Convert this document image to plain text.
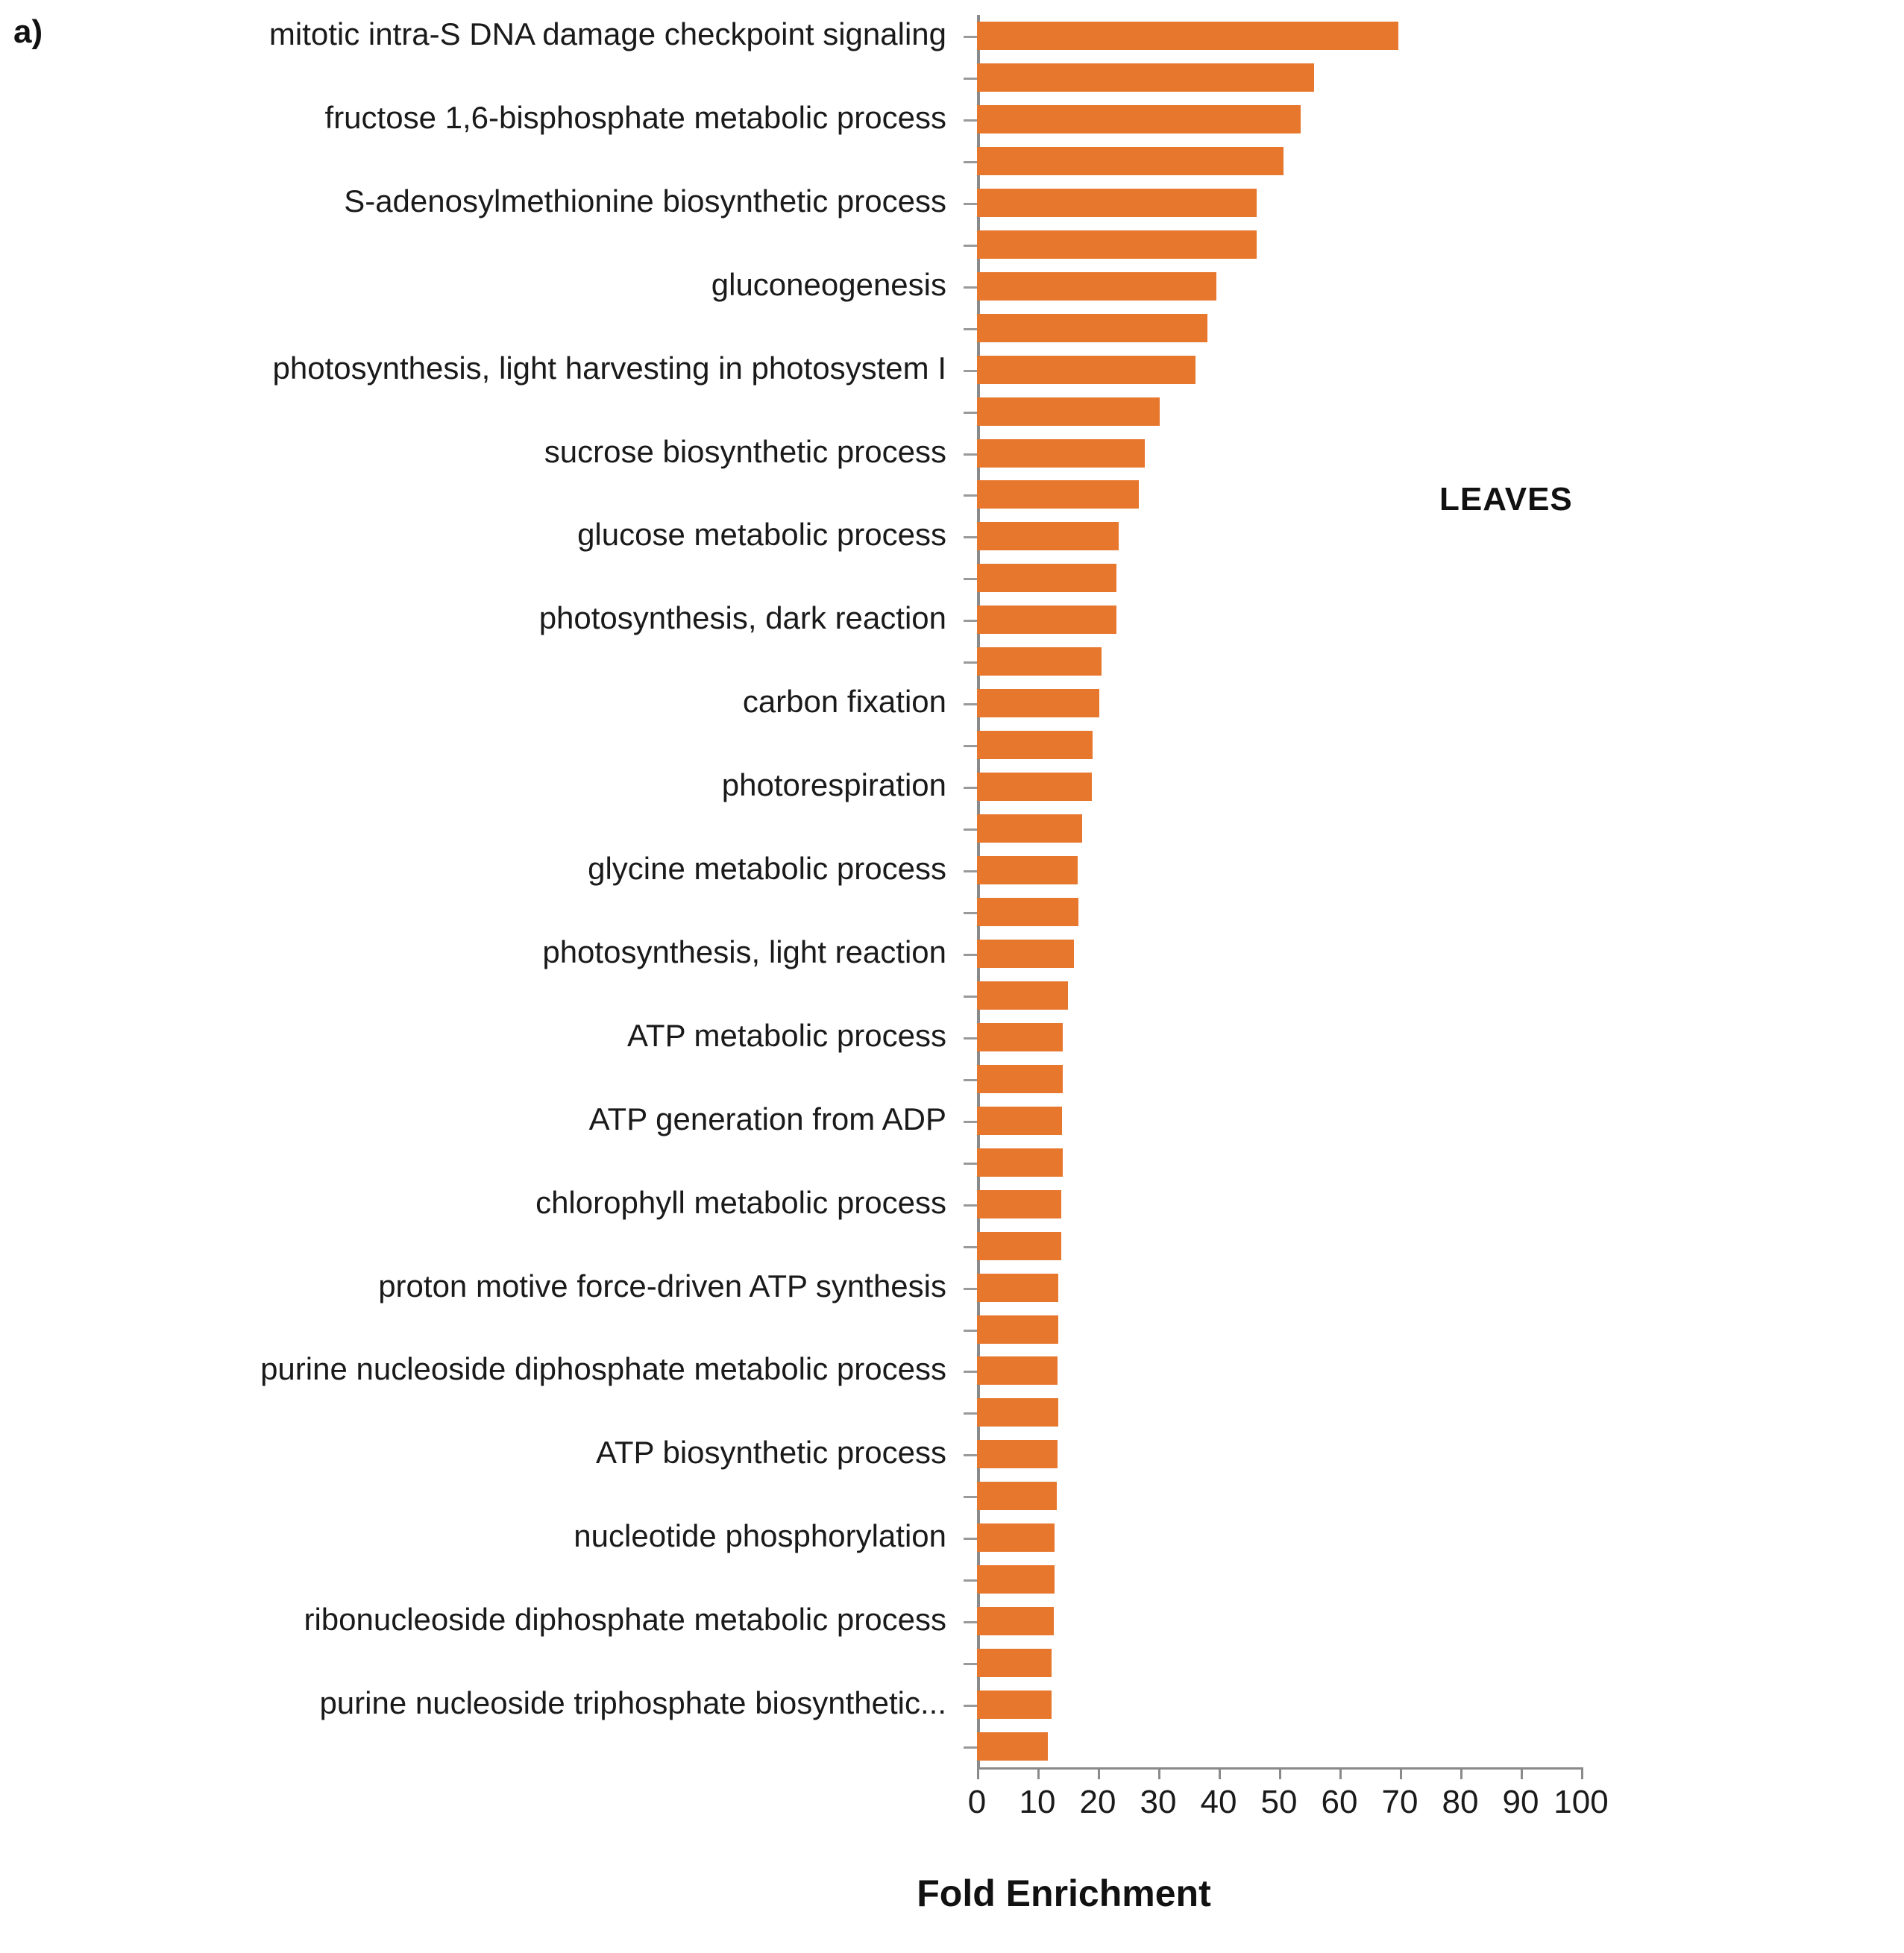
a)	mitotic intra-S DNA damage checkpoint signaling
fructose 1,6-bisphosphate metabolic process
S-adenosylmethionine biosynthetic process
gluconeogenesis
photosynthesis, light harvesting in photosystem I
sucrose biosynthetic process
glucose metabolic process
photosynthesis, dark reaction
carbon fixation
photorespiration
glycine metabolic process
photosynthesis, light reaction
ATP metabolic process
ATP generation from ADP
chlorophyll metabolic process
proton motive force-driven ATP synthesis
purine nucleoside diphosphate metabolic process
ATP biosynthetic process
nucleotide phosphorylation
ribonucleoside diphosphate metabolic process
purine nucleoside triphosphate biosynthetic...
0 10 20 30 40 50 60 70 80 90 100
LEAVES
Fold Enrichment
